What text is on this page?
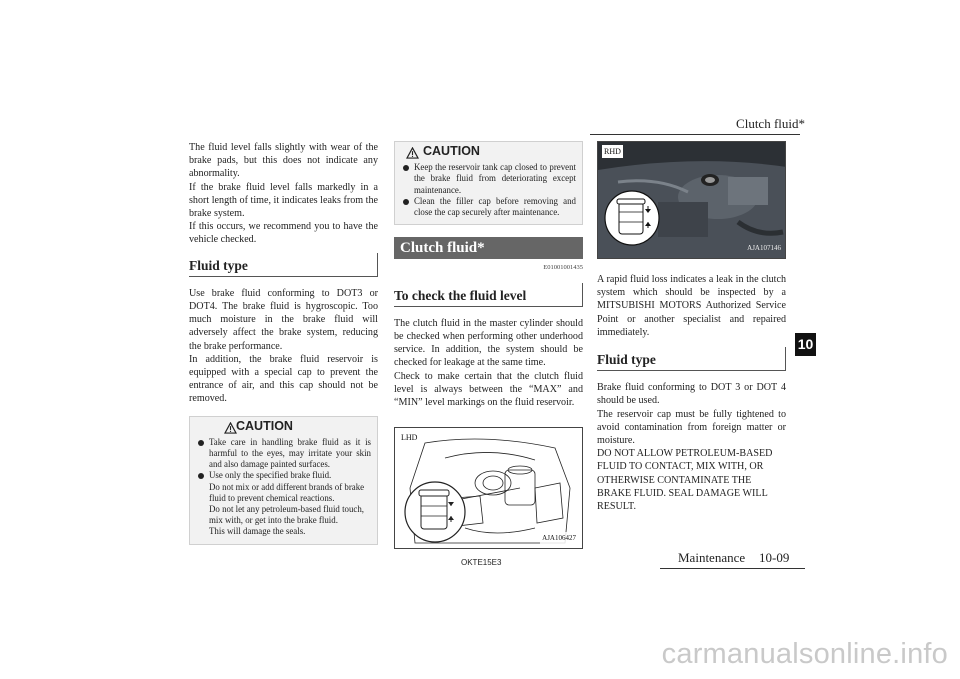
Clutch fluid*
10

The fluid level falls slightly with wear of the brake pads, but this does not indicate any abnormality.

If the brake fluid level falls markedly in a short length of time, it indicates leaks from the brake system.

If this occurs, we recommend you to have the vehicle checked.

Fluid type

Use brake fluid conforming to DOT3 or DOT4. The brake fluid is hygroscopic. Too much moisture in the brake fluid will adversely affect the brake system, reducing the brake performance.

In addition, the brake fluid reservoir is equipped with a special cap to prevent the entrance of air, and this cap should not be removed.

CAUTION
Take care in handling brake fluid as it is harmful to the eyes, may irritate your skin and also damage painted surfaces.
Use only the specified brake fluid.
Do not mix or add different brands of brake fluid to prevent chemical reactions.
Do not let any petroleum-based fluid touch, mix with, or get into the brake fluid.
This will damage the seals.
CAUTION
Keep the reservoir tank cap closed to prevent the brake fluid from deteriorating except maintenance.
Clean the filler cap before removing and close the cap securely after maintenance.
Clutch fluid*
E01001001435
To check the fluid level

The clutch fluid in the master cylinder should be checked when performing other underhood service. In addition, the system should be checked for leakage at the same time.

Check to make certain that the clutch fluid level is always between the “MAX” and “MIN” level markings on the fluid reservoir.

LHD
AJA106427
RHD
AJA107146

A rapid fluid loss indicates a leak in the clutch system which should be inspected by a MITSUBISHI MOTORS Authorized Service Point or another specialist and repaired immediately.

Fluid type

Brake fluid conforming to DOT 3 or DOT 4 should be used.

The reservoir cap must be fully tightened to avoid contamination from foreign matter or moisture.

DO NOT ALLOW PETROLEUM-BASED FLUID TO CONTACT, MIX WITH, OR OTHERWISE CONTAMINATE THE BRAKE FLUID. SEAL DAMAGE WILL RESULT.

OKTE15E3	Maintenance 10-09
carmanualsonline.info
